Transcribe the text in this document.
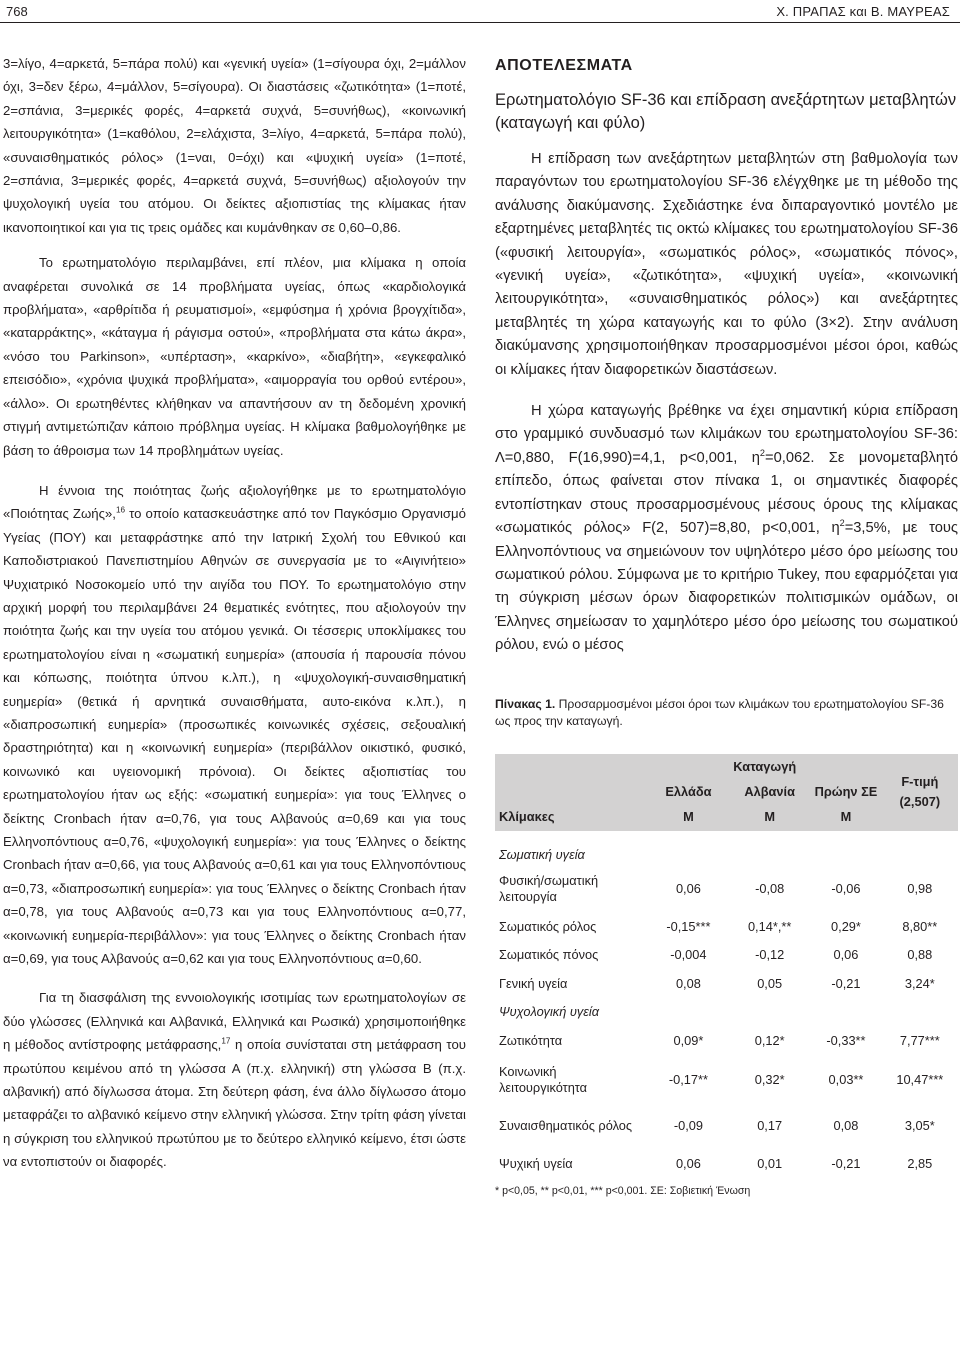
768	Χ. ΠΡΑΠΑΣ και Β. ΜΑΥΡΕΑΣ

3=λίγο, 4=αρκετά, 5=πάρα πολύ) και «γενική υγεία» (1=σίγουρα όχι, 2=μάλλον όχι, 3=δεν ξέρω, 4=μάλλον, 5=σίγουρα). Οι διαστάσεις «ζωτικότητα» (1=ποτέ, 2=σπάνια, 3=μερικές φορές, 4=αρκετά συχνά, 5=συνήθως), «κοινωνική λειτουργικότητα» (1=καθόλου, 2=ελάχιστα, 3=λίγο, 4=αρκετά, 5=πάρα πολύ), «συναισθηματικός ρόλος» (1=ναι, 0=όχι) και «ψυχική υγεία» (1=ποτέ, 2=σπάνια, 3=μερικές φορές, 4=αρκετά συχνά, 5=συνήθως) αξιολογούν την ψυχολογική υγεία του ατόμου. Οι δείκτες αξιοπιστίας της κλίμακας ήταν ικανοποιητικοί και για τις τρεις ομάδες και κυμάνθηκαν σε 0,60–0,86.

Το ερωτηματολόγιο περιλαμβάνει, επί πλέον, μια κλίμακα η οποία αναφέρεται συνολικά σε 14 προβλήματα υγείας, όπως «καρδιολογικά προβλήματα», «αρθρίτιδα ή ρευματισμοί», «εμφύσημα ή χρόνια βρογχίτιδα», «καταρράκτης», «κάταγμα ή ράγισμα οστού», «προβλήματα στα κάτω άκρα», «νόσο του Parkinson», «υπέρταση», «καρκίνο», «διαβήτη», «εγκεφαλικό επεισόδιο», «χρόνια ψυχικά προβλήματα», «αιμορραγία του ορθού εντέρου», «άλλο». Οι ερωτηθέντες κλήθηκαν να απαντήσουν αν τη δεδομένη χρονική στιγμή αντιμετώπιζαν κάποιο πρόβλημα υγείας. Η κλίμακα βαθμολογήθηκε με βάση το άθροισμα των 14 προβλημάτων υγείας.

Η έννοια της ποιότητας ζωής αξιολογήθηκε με το ερωτηματολόγιο «Ποιότητας Ζωής»,$^{16}$ το οποίο κατασκευάστηκε από τον Παγκόσμιο Οργανισμό Υγείας (ΠΟΥ) και μεταφράστηκε από την Ιατρική Σχολή του Εθνικού και Καποδιστριακού Πανεπιστημίου Αθηνών σε συνεργασία με το «Αιγινήτειο» Ψυχιατρικό Νοσοκομείο υπό την αιγίδα του ΠΟΥ. Το ερωτηματολόγιο στην αρχική μορφή του περιλαμβάνει 24 θεματικές ενότητες, που αξιολογούν την ποιότητα ζωής και την υγεία του ατόμου γενικά. Οι τέσσερις υποκλίμακες του ερωτηματολογίου είναι η «σωματική ευημερία» (απουσία ή παρουσία πόνου και κόπωσης, ποιότητα ύπνου κ.λπ.), η «ψυχολογική-συναισθηματική ευημερία» (θετικά ή αρνητικά συναισθήματα, αυτο-εικόνα κ.λπ.), η «διαπροσωπική ευημερία» (προσωπικές κοινωνικές σχέσεις, σεξουαλική δραστηριότητα) και η «κοινωνική ευημερία» (περιβάλλον οικιστικό, φυσικό, κοινωνικό και υγειονομική πρόνοια). Οι δείκτες αξιοπιστίας του ερωτηματολογίου ήταν ως εξής: «σωματική ευημερία»: για τους Έλληνες ο δείκτης Cronbach ήταν α=0,76, για τους Αλβανούς α=0,69 και για τους Ελληνοπόντιους α=0,76, «ψυχολογική ευημερία»: για τους Έλληνες ο δείκτης Cronbach ήταν α=0,66, για τους Αλβανούς α=0,61 και για τους Ελληνοπόντιους α=0,73, «διαπροσωπική ευημερία»: για τους Έλληνες ο δείκτης Cronbach ήταν α=0,78, για τους Αλβανούς α=0,73 και για τους Ελληνοπόντιους α=0,77, «κοινωνική ευημερία-περιβάλλον»: για τους Έλληνες ο δείκτης Cronbach ήταν α=0,69, για τους Αλβανούς α=0,62 και για τους Ελληνοπόντιους α=0,60.

Για τη διασφάλιση της εννοιολογικής ισοτιμίας των ερωτηματολογίων σε δύο γλώσσες (Ελληνικά και Αλβανικά, Ελληνικά και Ρωσικά) χρησιμοποιήθηκε η μέθοδος αντίστροφης μετάφρασης,$^{17}$ η οποία συνίσταται στη μετάφραση του πρωτύπου κειμένου από τη γλώσσα Α (π.χ. ελληνική) στη γλώσσα Β (π.χ. αλβανική) από δίγλωσσα άτομα. Στη δεύτερη φάση, ένα άλλο δίγλωσσο άτομο μεταφράζει το αλβανικό κείμενο στην ελληνική γλώσσα. Στην τρίτη φάση γίνεται η σύγκριση του ελληνικού πρωτύπου με το δεύτερο ελληνικό κείμενο, έτσι ώστε να εντοπιστούν οι διαφορές.

ΑΠΟΤΕΛΕΣΜΑΤΑ
Ερωτηματολόγιο SF-36 και επίδραση ανεξάρτητων μεταβλητών (καταγωγή και φύλο)

Η επίδραση των ανεξάρτητων μεταβλητών στη βαθμολογία των παραγόντων του ερωτηματολογίου SF-36 ελέγχθηκε με τη μέθοδο της ανάλυσης διακύμανσης. Σχεδιάστηκε ένα διπαραγοντικό μοντέλο με εξαρτημένες μεταβλητές τις οκτώ κλίμακες του ερωτηματολογίου SF-36 («φυσική λειτουργία», «σωματικός ρόλος», «σωματικός πόνος», «γενική υγεία», «ζωτικότητα», «ψυχική υγεία», «κοινωνική λειτουργικότητα», «συναισθηματικός ρόλος») και ανεξάρτητες μεταβλητές τη χώρα καταγωγής και το φύλο (3×2). Στην ανάλυση διακύμανσης χρησιμοποιήθηκαν προσαρμοσμένοι μέσοι όροι, καθώς οι κλίμακες ήταν διαφορετικών διαστάσεων.

Η χώρα καταγωγής βρέθηκε να έχει σημαντική κύρια επίδραση στο γραμμικό συνδυασμό των κλιμάκων του ερωτηματολογίου SF-36: Λ=0,880, F(16,990)=4,1, p<0,001, $\eta^2=0,062$. Σε μονομεταβλητό επίπεδο, όπως φαίνεται στον πίνακα 1, οι σημαντικές διαφορές εντοπίστηκαν στους προσαρμοσμένους μέσους όρους της κλίμακας «σωματικός ρόλος» F(2, 507)=8,80, p<0,001, $\eta^2=3,5\%$, με τους Ελληνοπόντιους να σημειώνουν τον υψηλότερο μέσο όρο μείωσης του σωματικού ρόλου. Σύμφωνα με το κριτήριο Tukey, που εφαρμόζεται για τη σύγκριση μέσων όρων διαφορετικών πολιτισμικών ομάδων, οι Έλληνες σημείωσαν το χαμηλότερο μέσο όρο μείωσης του σωματικού ρόλου, ενώ ο μέσος

Πίνακας 1. Προσαρμοσμένοι μέσοι όροι των κλιμάκων του ερωτηματολογίου SF-36 ως προς την καταγωγή.

	Καταγωγή			F-τιμή
(2,507)
	Ελλάδα	Αλβανία	Πρώην ΣΕ	
Κλίμακες	M	M	M	
Σωματική υγεία				
Φυσική/σωματική λειτουργία	0,06	-0,08	-0,06	0,98
Σωματικός ρόλος	-0,15***	0,14*,**	0,29*	8,80**
Σωματικός πόνος	-0,004	-0,12	0,06	0,88
Γενική υγεία	0,08	0,05	-0,21	3,24*
Ψυχολογική υγεία				
Ζωτικότητα	0,09*	0,12*	-0,33**	7,77***
Κοινωνική λειτουργικότητα	-0,17**	0,32*	0,03**	10,47***
Συναισθηματικός ρόλος	-0,09	0,17	0,08	3,05*
Ψυχική υγεία	0,06	0,01	-0,21	2,85
* p<0,05, ** p<0,01, *** p<0,001. ΣΕ: Σοβιετική Ένωση
